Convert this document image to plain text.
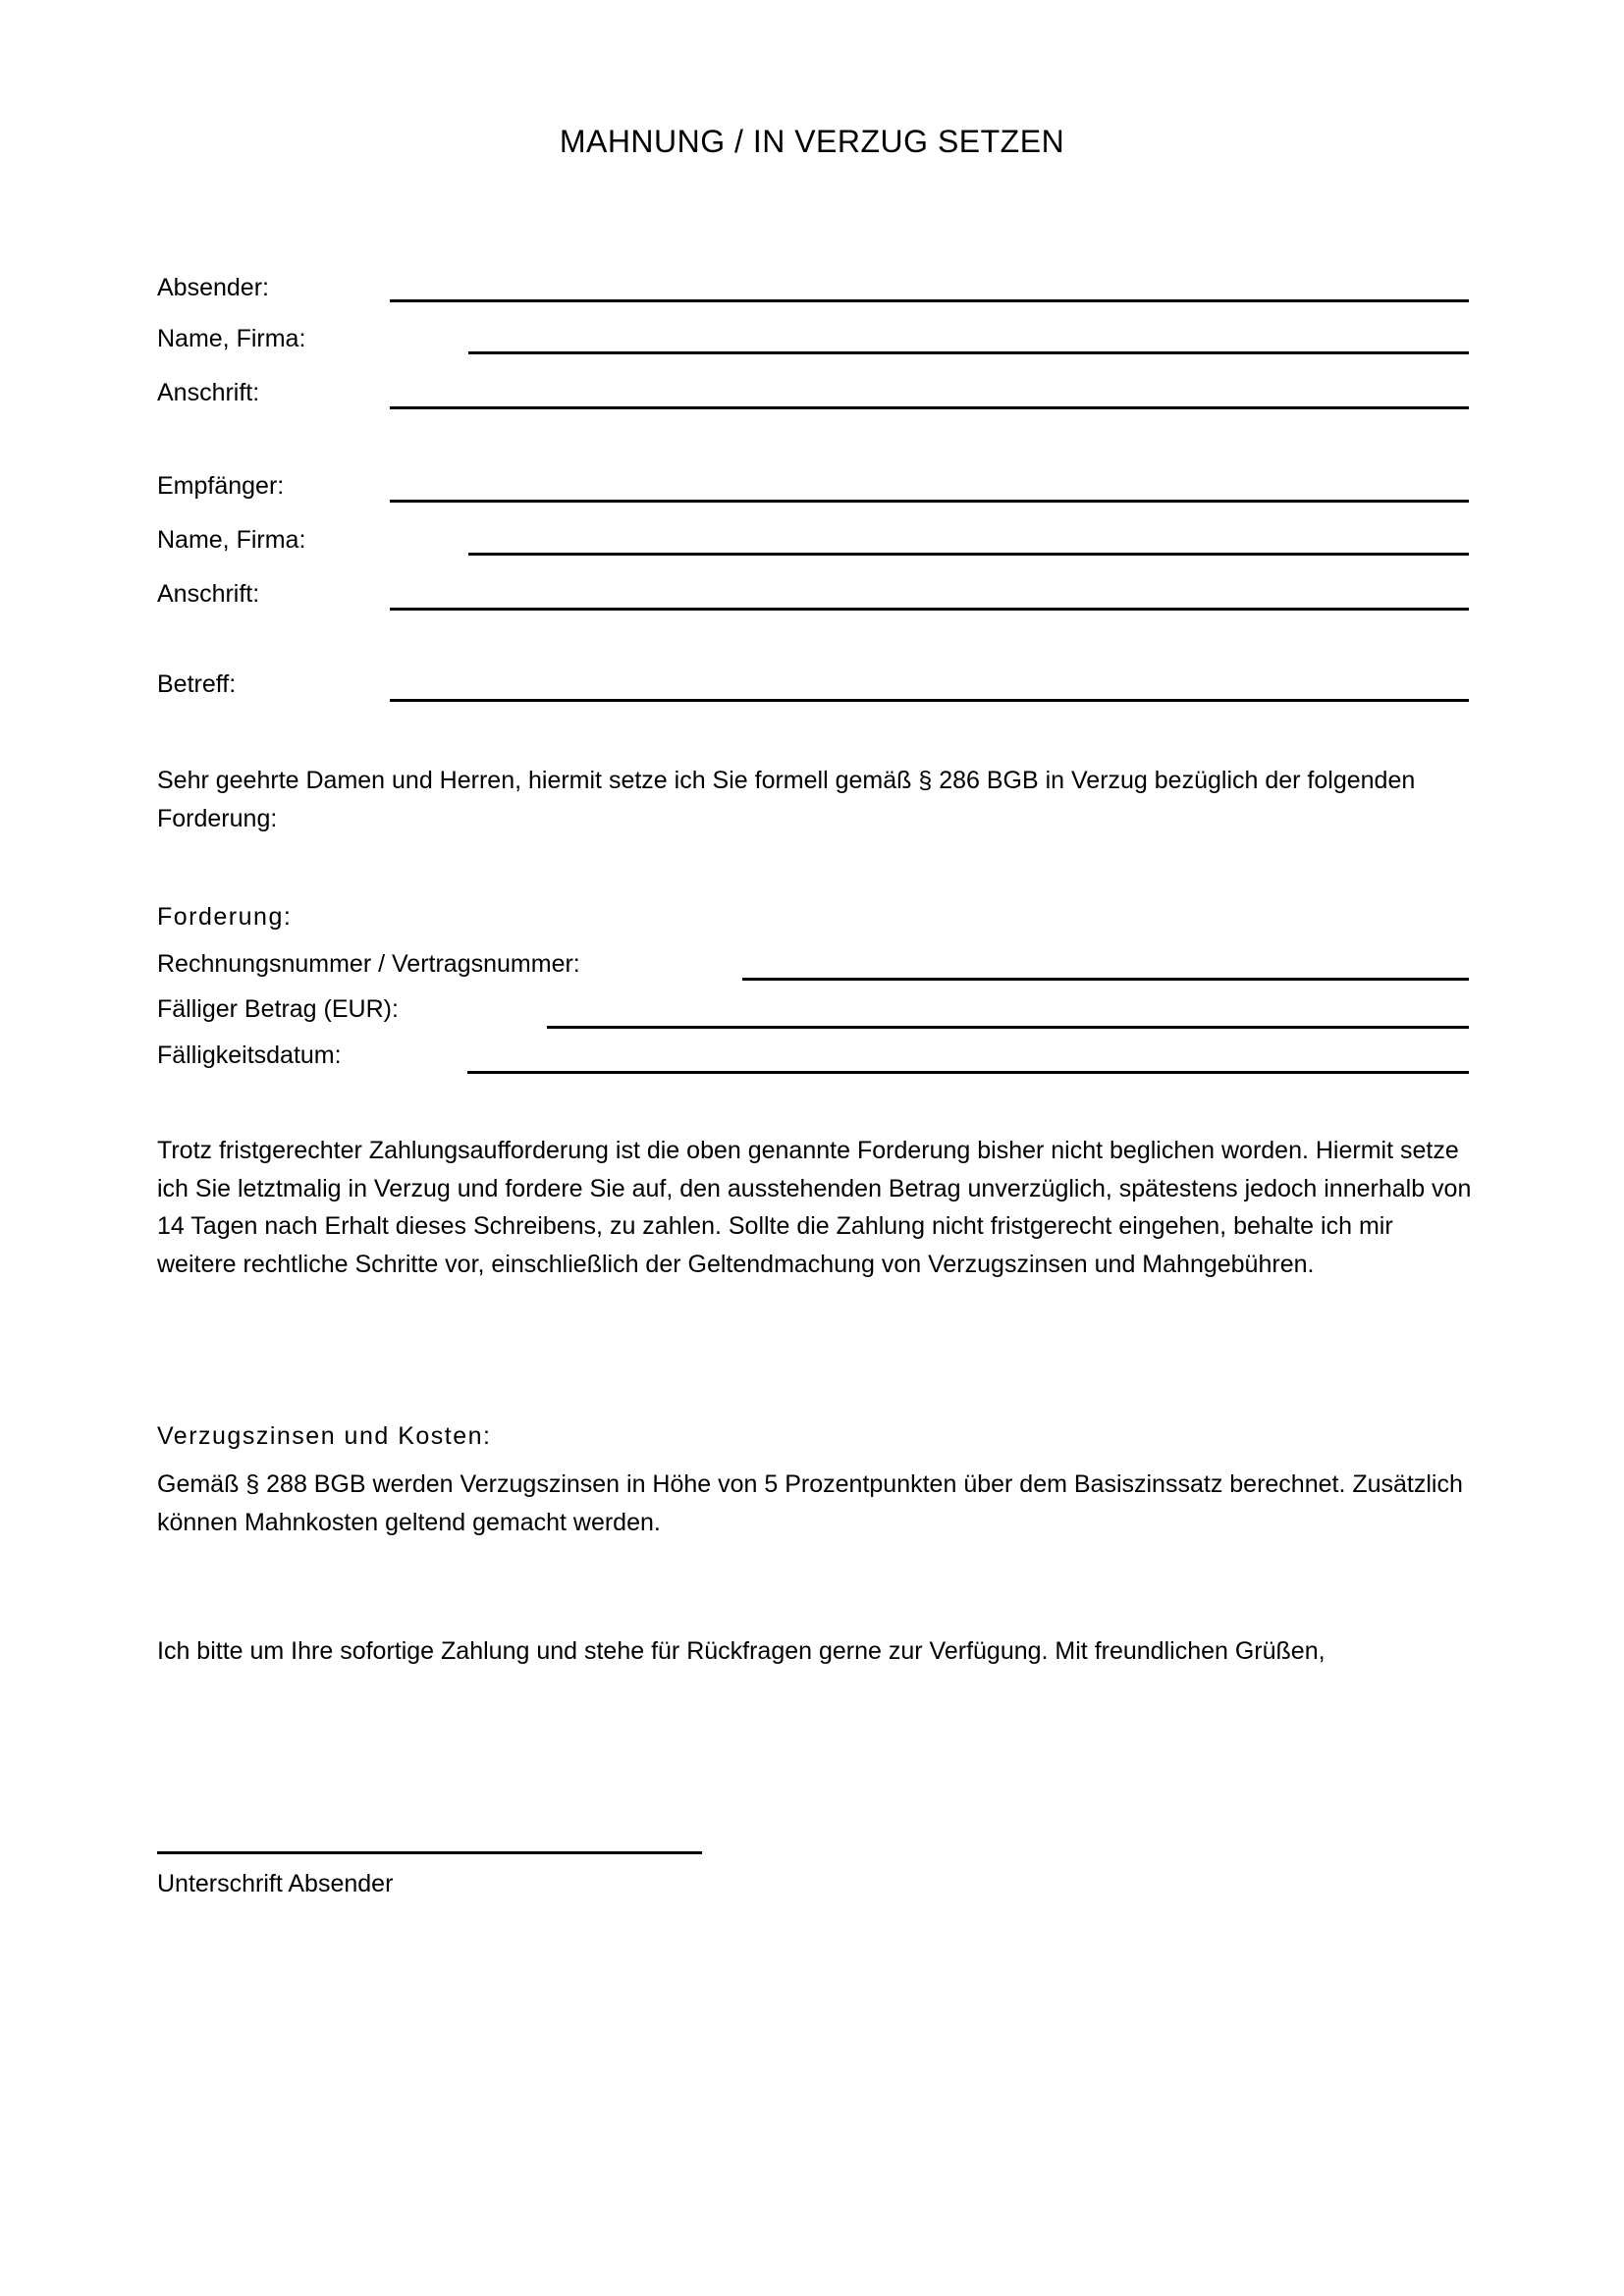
MAHNUNG / IN VERZUG SETZEN
Absender:
Name, Firma:
Anschrift:
Empfänger:
Name, Firma:
Anschrift:
Betreff:
Sehr geehrte Damen und Herren, hiermit setze ich Sie formell gemäß § 286 BGB in Verzug bezüglich der folgenden Forderung:
Forderung:
Rechnungsnummer / Vertragsnummer:
Fälliger Betrag (EUR):
Fälligkeitsdatum:
Trotz fristgerechter Zahlungsaufforderung ist die oben genannte Forderung bisher nicht beglichen worden. Hiermit setze ich Sie letztmalig in Verzug und fordere Sie auf, den ausstehenden Betrag unverzüglich, spätestens jedoch innerhalb von 14 Tagen nach Erhalt dieses Schreibens, zu zahlen. Sollte die Zahlung nicht fristgerecht eingehen, behalte ich mir weitere rechtliche Schritte vor, einschließlich der Geltendmachung von Verzugszinsen und Mahngebühren.
Verzugszinsen und Kosten:
Gemäß § 288 BGB werden Verzugszinsen in Höhe von 5 Prozentpunkten über dem Basiszinssatz berechnet. Zusätzlich können Mahnkosten geltend gemacht werden.
Ich bitte um Ihre sofortige Zahlung und stehe für Rückfragen gerne zur Verfügung. Mit freundlichen Grüßen,
Unterschrift Absender
